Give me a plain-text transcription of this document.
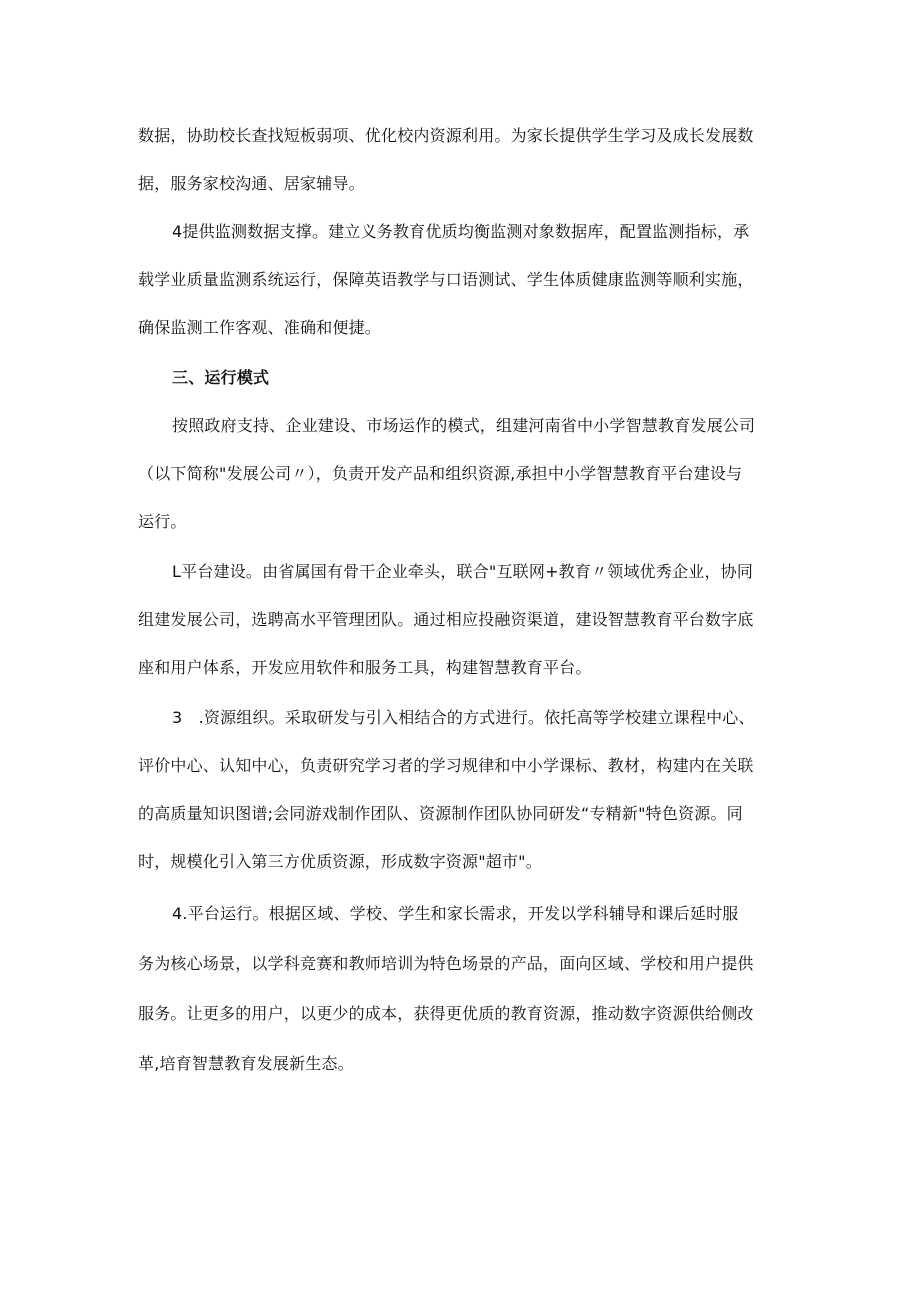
数据，协助校长查找短板弱项、优化校内资源利用。为家长提供学生学习及成长发展数
据，服务家校沟通、居家辅导。
4提供监测数据支撑。建立义务教育优质均衡监测对象数据库，配置监测指标，承
载学业质量监测系统运行，保障英语教学与口语测试、学生体质健康监测等顺利实施，
确保监测工作客观、准确和便捷。
三、运行模式
按照政府支持、企业建设、市场运作的模式，组建河南省中小学智慧教育发展公司
（以下简称"发展公司〃），负责开发产品和组织资源,承担中小学智慧教育平台建设与
运行。
L平台建设。由省属国有骨干企业牵头，联合"互联网+教育〃领域优秀企业，协同
组建发展公司，选聘高水平管理团队。通过相应投融资渠道，建设智慧教育平台数字底
座和用户体系，开发应用软件和服务工具，构建智慧教育平台。
3　.资源组织。采取研发与引入相结合的方式进行。依托高等学校建立课程中心、
评价中心、认知中心，负责研究学习者的学习规律和中小学课标、教材，构建内在关联
的高质量知识图谱;会同游戏制作团队、资源制作团队协同研发“专精新"特色资源。同
时，规模化引入第三方优质资源，形成数字资源"超市"。
4.平台运行。根据区域、学校、学生和家长需求，开发以学科辅导和课后延时服
务为核心场景，以学科竞赛和教师培训为特色场景的产品，面向区域、学校和用户提供
服务。让更多的用户，以更少的成本，获得更优质的教育资源，推动数字资源供给侧改
革,培育智慧教育发展新生态。
